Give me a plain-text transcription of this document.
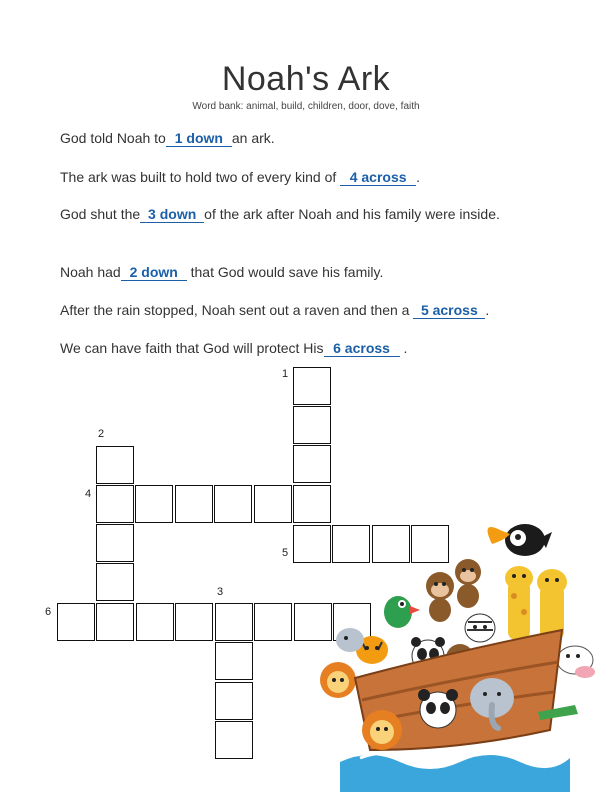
Noah's Ark
Word bank: animal, build, children, door, dove, faith
God told Noah to 1 down an ark.
The ark was built to hold two of every kind of 4 across .
God shut the 3 down of the ark after Noah and his family were inside.
Noah had 2 down that God would save his family.
After the rain stopped, Noah sent out a raven and then a 5 across .
We can have faith that God will protect His 6 across .
1
2
3
4
5
6
